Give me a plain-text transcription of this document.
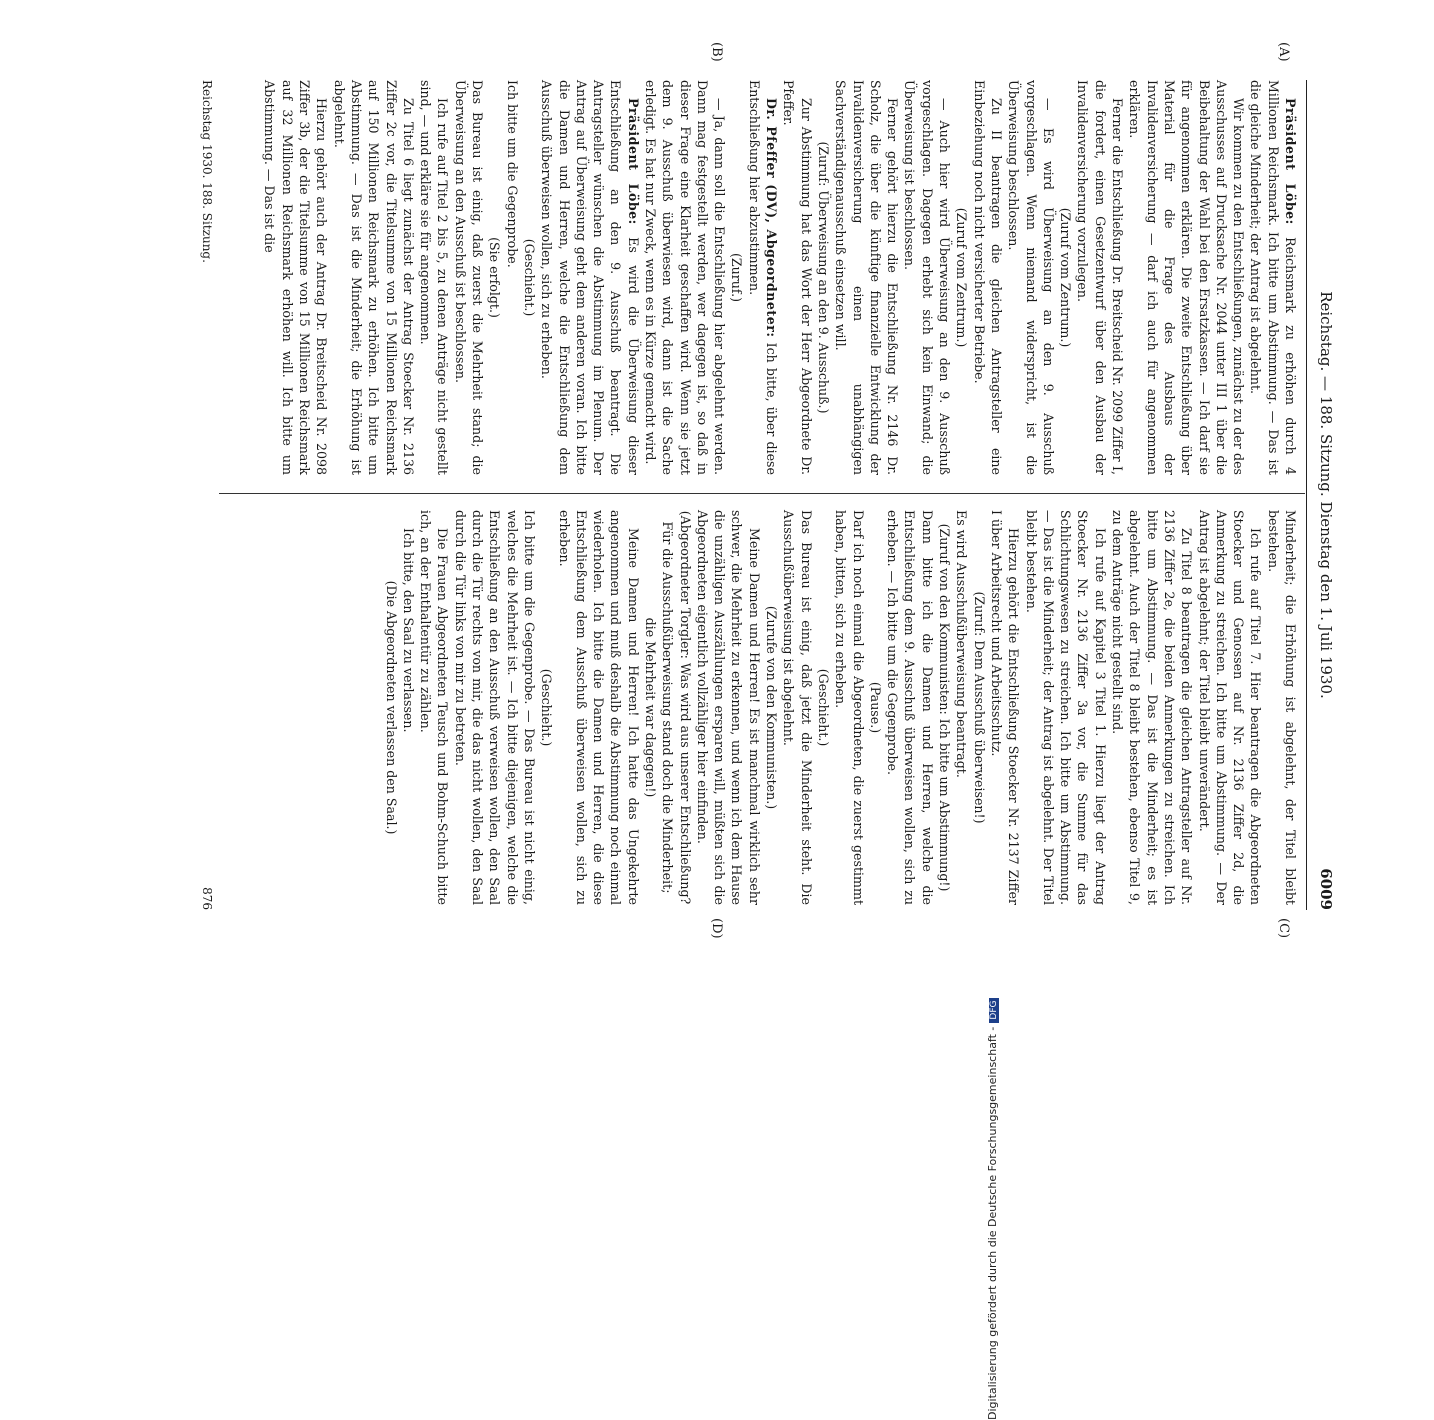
Reichstag. — 188. Sitzung. Dienstag den 1. Juli 1930.
6009
(A)
(B)
(C)
(D)

Präsident Löbe: Reichsmark zu erhöhen durch 4 Millionen Reichsmark. Ich bitte um Abstimmung. — Das ist die gleiche Minderheit; der Antrag ist abgelehnt.

Wir kommen zu den Entschließungen, zunächst zu der des Ausschusses auf Drucksache Nr. 2044 unter III 1 über die Beibehaltung der Wahl bei den Ersatzkassen. — Ich darf sie für angenommen erklären. Die zweite Entschließung über Material für die Frage des Ausbaus der Invalidenversicherung — darf ich auch für angenommen erklären.

Ferner die Entschließung Dr. Breitscheid Nr. 2099 Ziffer I, die fordert, einen Gesetzentwurf über den Ausbau der Invalidenversicherung vorzulegen.

(Zuruf vom Zentrum.)

— Es wird Überweisung an den 9. Ausschuß vorgeschlagen. Wenn niemand widerspricht, ist die Überweisung beschlossen.

Zu II beantragen die gleichen Antragsteller eine Einbeziehung noch nicht versicherter Betriebe.

(Zuruf vom Zentrum.)

— Auch hier wird Überweisung an den 9. Ausschuß vorgeschlagen. Dagegen erhebt sich kein Einwand; die Überweisung ist beschlossen.

Ferner gehört hierzu die Entschließung Nr. 2146 Dr. Scholz, die über die künftige finanzielle Entwicklung der Invalidenversicherung einen unabhängigen Sachverständigenausschuß einsetzen will.

(Zuruf: Überweisung an den 9. Ausschuß.)

Zur Abstimmung hat das Wort der Herr Abgeordnete Dr. Pfeffer.

Dr. Pfeffer (DV), Abgeordneter: Ich bitte, über diese Entschließung hier abzustimmen.

(Zuruf.)

— Ja, dann soll die Entschließung hier abgelehnt werden. Dann mag festgestellt werden, wer dagegen ist, so daß in dieser Frage eine Klarheit geschaffen wird. Wenn sie jetzt dem 9. Ausschuß überwiesen wird, dann ist die Sache erledigt. Es hat nur Zweck, wenn es in Kürze gemacht wird.

Präsident Löbe: Es wird die Überweisung dieser Entschließung an den 9. Ausschuß beantragt. Die Antragsteller wünschen die Abstimmung im Plenum. Der Antrag auf Überweisung geht dem anderen voran. Ich bitte die Damen und Herren, welche die Entschließung dem Ausschuß überweisen wollen, sich zu erheben.

(Geschieht.)

Ich bitte um die Gegenprobe.

(Sie erfolgt.)

Das Bureau ist einig, daß zuerst die Mehrheit stand; die Überweisung an den Ausschuß ist beschlossen.

Ich rufe auf Titel 2 bis 5, zu denen Anträge nicht gestellt sind, — und erkläre sie für angenommen.

Zu Titel 6 liegt zunächst der Antrag Stoecker Nr. 2136 Ziffer 2c vor, die Titelsumme von 15 Millionen Reichsmark auf 150 Millionen Reichsmark zu erhöhen. Ich bitte um Abstimmung. — Das ist die Minderheit; die Erhöhung ist abgelehnt.

Hierzu gehört auch der Antrag Dr. Breitscheid Nr. 2098 Ziffer 3b, der die Titelsumme von 15 Millionen Reichsmark auf 32 Millionen Reichsmark erhöhen will. Ich bitte um Abstimmung. — Das ist die

Minderheit; die Erhöhung ist abgelehnt, der Titel bleibt bestehen.

Ich rufe auf Titel 7. Hier beantragen die Abgeordneten Stoecker und Genossen auf Nr. 2136 Ziffer 2d, die Anmerkung zu streichen. Ich bitte um Abstimmung. — Der Antrag ist abgelehnt; der Titel bleibt unverändert.

Zu Titel 8 beantragen die gleichen Antragsteller auf Nr. 2136 Ziffer 2e, die beiden Anmerkungen zu streichen. Ich bitte um Abstimmung. — Das ist die Minderheit; es ist abgelehnt. Auch der Titel 8 bleibt bestehen, ebenso Titel 9, zu dem Anträge nicht gestellt sind.

Ich rufe auf Kapitel 3 Titel 1. Hierzu liegt der Antrag Stoecker Nr. 2136 Ziffer 3a vor, die Summe für das Schlichtungswesen zu streichen. Ich bitte um Abstimmung. — Das ist die Minderheit; der Antrag ist abgelehnt. Der Titel bleibt bestehen.

Hierzu gehört die Entschließung Stoecker Nr. 2137 Ziffer I über Arbeitsrecht und Arbeitsschutz.

(Zuruf: Dem Ausschuß überweisen!)

Es wird Ausschußüberweisung beantragt.

(Zuruf von den Kommunisten: Ich bitte um Abstimmung!)

Dann bitte ich die Damen und Herren, welche die Entschließung dem 9. Ausschuß überweisen wollen, sich zu erheben. — Ich bitte um die Gegenprobe.

(Pause.)

Darf ich noch einmal die Abgeordneten, die zuerst gestimmt haben, bitten, sich zu erheben.

(Geschieht.)

Das Bureau ist einig, daß jetzt die Minderheit steht. Die Ausschußüberweisung ist abgelehnt.

(Zurufe von den Kommunisten.)

Meine Damen und Herren! Es ist manchmal wirklich sehr schwer, die Mehrheit zu erkennen, und wenn ich dem Hause die unzähligen Auszählungen ersparen will, müßten sich die Abgeordneten eigentlich vollzähliger hier einfinden.

(Abgeordneter Torgler: Was wird aus unserer Entschließung? Für die Ausschußüberweisung stand doch die Minderheit; die Mehrheit war dagegen!)

Meine Damen und Herren! Ich hatte das Ungekehrte angenommen und muß deshalb die Abstimmung noch einmal wiederholen. Ich bitte die Damen und Herren, die diese Entschließung dem Ausschuß überweisen wollen, sich zu erheben.

(Geschieht.)

Ich bitte um die Gegenprobe. — Das Bureau ist nicht einig, welches die Mehrheit ist. — Ich bitte diejenigen, welche die Entschließung an den Ausschuß verweisen wollen, den Saal durch die Tür rechts von mir, die das nicht wollen, den Saal durch die Tür links von mir zu betreten.

Die Frauen Abgeordneten Teusch und Bohm-Schuch bitte ich, an der Enthaltentür zu zählen.

Ich bitte, den Saal zu verlassen.

(Die Abgeordneten verlassen den Saal.)

Reichstag 1930. 188. Sitzung.
876
Digitalisierung gefördert durch die Deutsche Forschungsgemeinschaft -DFG
